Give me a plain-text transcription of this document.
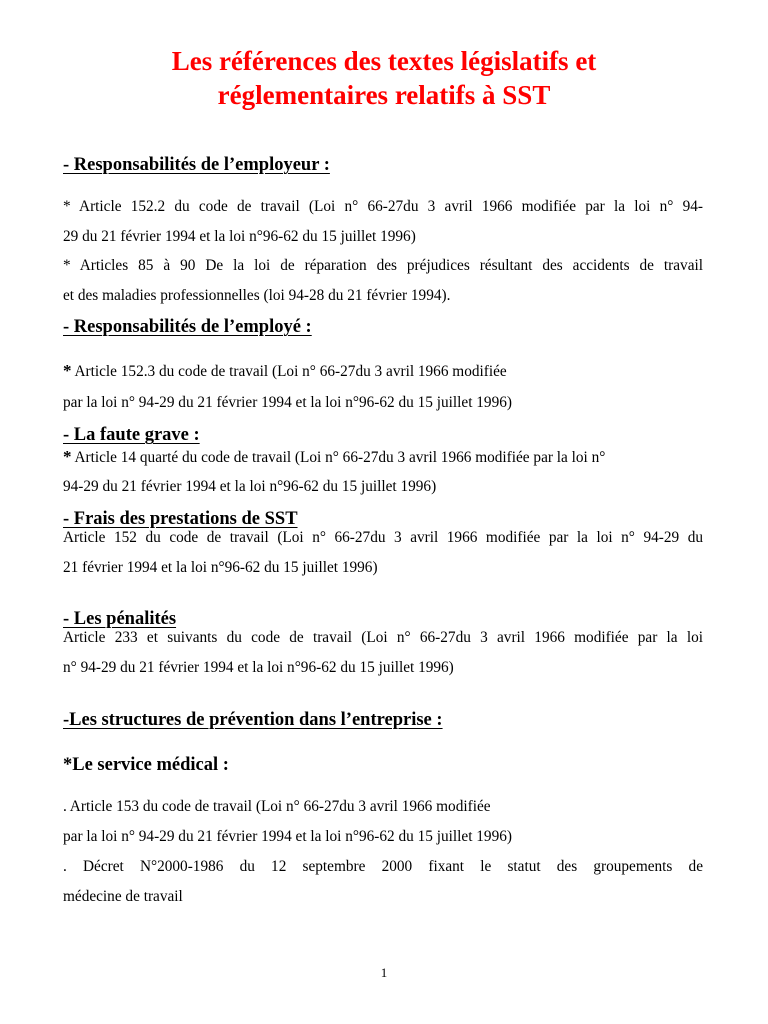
Les références des textes législatifs et
réglementaires relatifs à SST
- Responsabilités de l’employeur :

* Article 152.2 du code de travail (Loi n° 66-27du 3 avril 1966 modifiée par la loi n° 94-

29 du 21 février 1994 et la loi n°96-62 du 15 juillet 1996)

* Articles 85 à 90 De la loi de réparation des préjudices résultant des accidents de travail

et des maladies professionnelles (loi 94-28 du 21 février 1994).

- Responsabilités de l’employé :

* Article 152.3 du code de travail (Loi n° 66-27du 3 avril 1966 modifiée

par la loi n° 94-29 du 21 février 1994 et la loi n°96-62 du 15 juillet 1996)

- La faute grave :

* Article 14 quarté du code de travail (Loi n° 66-27du 3 avril 1966 modifiée par la loi n°

94-29 du 21 février 1994 et la loi n°96-62 du 15 juillet 1996)

- Frais des prestations de SST

Article 152 du code de travail (Loi n° 66-27du 3 avril 1966 modifiée par la loi n° 94-29 du

21 février 1994 et la loi n°96-62 du 15 juillet 1996)

- Les pénalités

Article 233 et suivants du code de travail (Loi n° 66-27du 3 avril 1966 modifiée par la loi

n° 94-29 du 21 février 1994 et la loi n°96-62 du 15 juillet 1996)

-Les structures de prévention dans l’entreprise :
*Le service médical :

. Article 153 du code de travail (Loi n° 66-27du 3 avril 1966 modifiée

par la loi n° 94-29 du 21 février 1994 et la loi n°96-62 du 15 juillet 1996)

. Décret N°2000-1986 du 12 septembre 2000 fixant le statut des groupements de

médecine de travail

1
